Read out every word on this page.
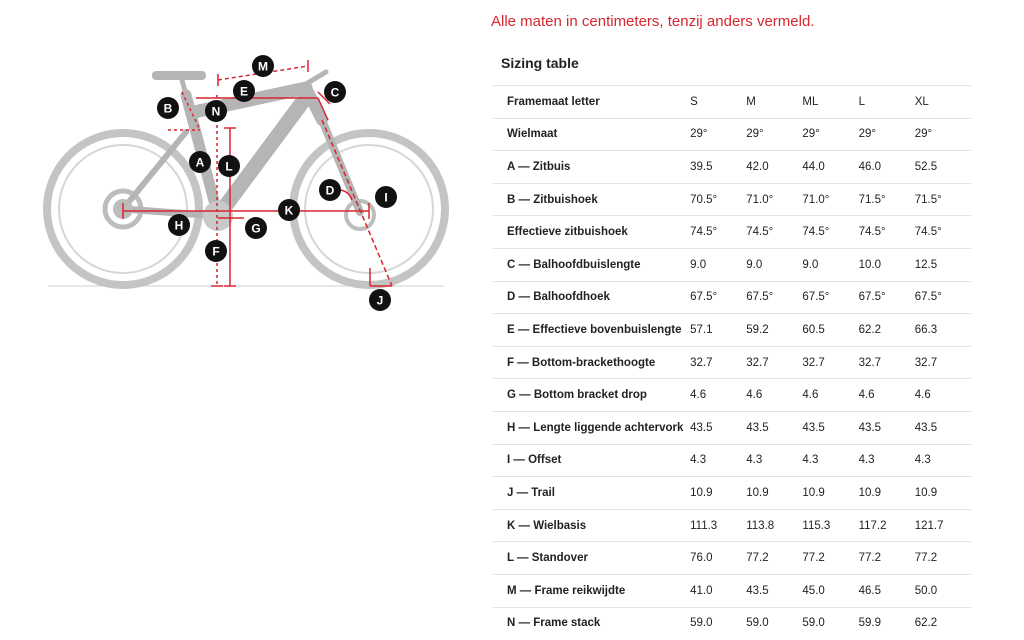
M
E	C
B	N
A L
D	I
K
H	G
F
J
Alle maten in centimeters, tenzij anders vermeld.
Sizing table
Framemaat letter	S	M	ML	L	XL
Wielmaat	29°	29°	29°	29°	29°
A — Zitbuis	39.5	42.0	44.0	46.0	52.5
B — Zitbuishoek	70.5°	71.0°	71.0°	71.5°	71.5°
Effectieve zitbuishoek	74.5°	74.5°	74.5°	74.5°	74.5°
C — Balhoofdbuislengte	9.0	9.0	9.0	10.0	12.5
D — Balhoofdhoek	67.5°	67.5°	67.5°	67.5°	67.5°
E — Effectieve bovenbuislengte	57.1	59.2	60.5	62.2	66.3
F — Bottom-brackethoogte	32.7	32.7	32.7	32.7	32.7
G — Bottom bracket drop	4.6	4.6	4.6	4.6	4.6
H — Lengte liggende achtervork	43.5	43.5	43.5	43.5	43.5
I — Offset	4.3	4.3	4.3	4.3	4.3
J — Trail	10.9	10.9	10.9	10.9	10.9
K — Wielbasis	111.3	113.8	115.3	117.2	121.7
L — Standover	76.0	77.2	77.2	77.2	77.2
M — Frame reikwijdte	41.0	43.5	45.0	46.5	50.0
N — Frame stack	59.0	59.0	59.0	59.9	62.2
